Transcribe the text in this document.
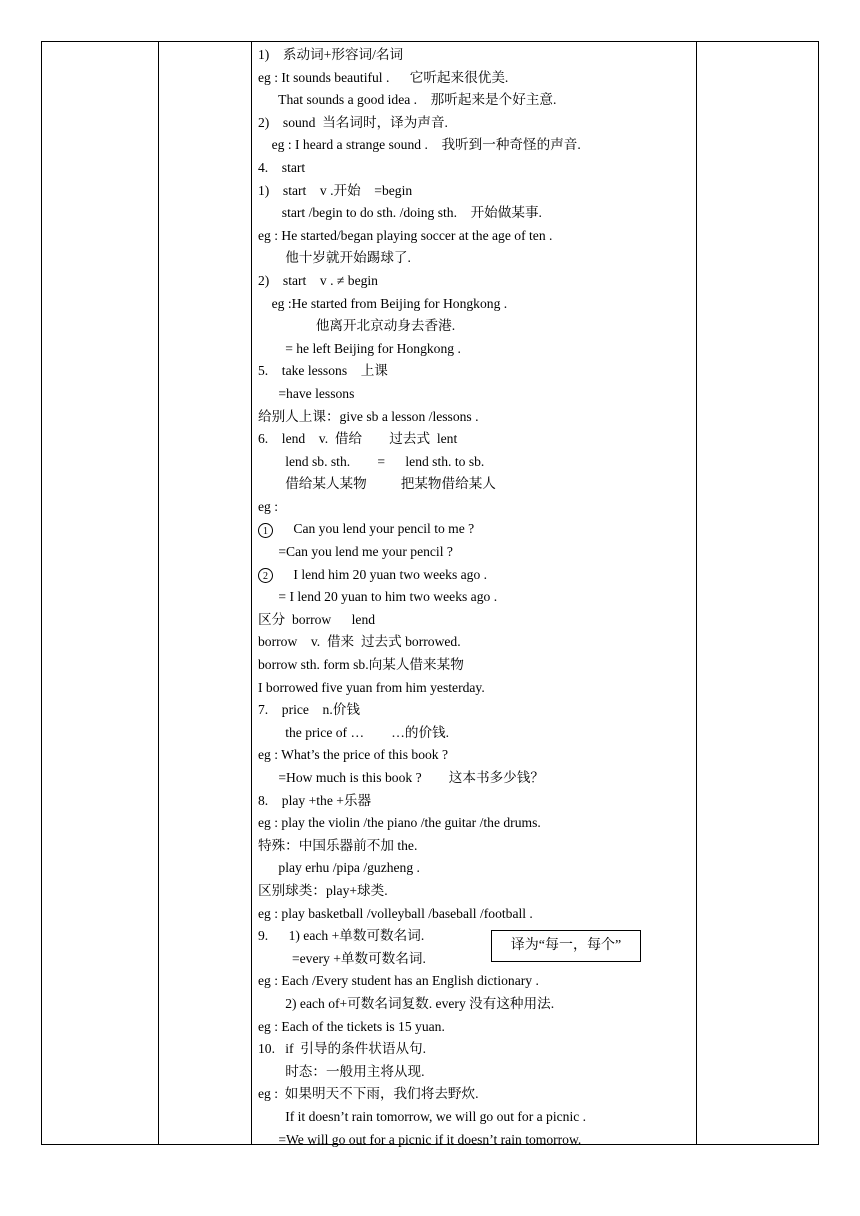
1)    系动词+形容词/名词
eg : It sounds beautiful .      它听起来很优美.
That sounds a good idea .    那听起来是个好主意.
2)    sound  当名词时，译为声音.
eg : I heard a strange sound .    我听到一种奇怪的声音.
4.    start
1)    start    v .开始    =begin
start /begin to do sth. /doing sth.    开始做某事.
eg : He started/began playing soccer at the age of ten .
他十岁就开始踢球了.
2)    start    v . ≠ begin
eg :He started from Beijing for Hongkong .
他离开北京动身去香港.
= he left Beijing for Hongkong .
5.    take lessons    上课
=have lessons
给别人上课：give sb a lesson /lessons .
6.    lend    v.  借给        过去式  lent
lend sb. sth.        =      lend sth. to sb.
借给某人某物          把某物借给某人
eg :
1      Can you lend your pencil to me ?
=Can you lend me your pencil ?
2      I lend him 20 yuan two weeks ago .
= I lend 20 yuan to him two weeks ago .
区分  borrow      lend
borrow    v.  借来  过去式 borrowed.
borrow sth. form sb.向某人借来某物
I borrowed five yuan from him yesterday.
7.    price    n.价钱
the price of …        …的价钱.
eg : What’s the price of this book ?
=How much is this book ?        这本书多少钱？
8.    play +the +乐器
eg : play the violin /the piano /the guitar /the drums.
特殊：中国乐器前不加 the.
play erhu /pipa /guzheng .
区别球类：play+球类.
eg : play basketball /volleyball /baseball /football .
9.      1) each +单数可数名词.
=every +单数可数名词.
eg : Each /Every student has an English dictionary .
2) each of+可数名词复数. every 没有这种用法.
eg : Each of the tickets is 15 yuan.
10.   if  引导的条件状语从句.
时态：一般用主将从现.
eg :  如果明天不下雨，我们将去野炊.
If it doesn’t rain tomorrow, we will go out for a picnic .
=We will go out for a picnic if it doesn’t rain tomorrow.
译为“每一，每个”
